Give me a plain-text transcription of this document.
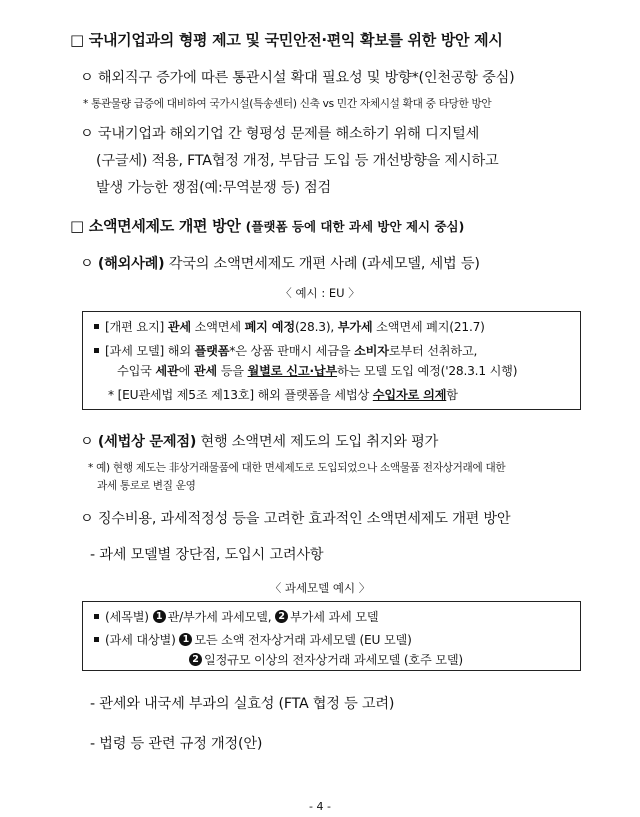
□ 국내기업과의 형평 제고 및 국민안전·편익 확보를 위한 방안 제시
ㅇ 해외직구 증가에 따른 통관시설 확대 필요성 및 방향*(인천공항 중심)
* 통관물량 급증에 대비하여 국가시설(특송센터) 신축 vs 민간 자체시설 확대 중 타당한 방안
ㅇ 국내기업과 해외기업 간 형평성 문제를 해소하기 위해 디지털세
(구글세) 적용, FTA협정 개정, 부담금 도입 등 개선방향을 제시하고
발생 가능한 쟁점(예:무역분쟁 등) 점검
□ 소액면세제도 개편 방안 (플랫폼 등에 대한 과세 방안 제시 중심)
ㅇ (해외사례) 각국의 소액면세제도 개편 사례 (과세모델, 세법 등)
〈 예시 : EU 〉
[개편 요지] 관세 소액면세 폐지 예정(28.3), 부가세 소액면세 폐지(21.7)
[과세 모델] 해외 플랫폼*은 상품 판매시 세금을 소비자로부터 선취하고,
수입국 세관에 관세 등을 월별로 신고·납부하는 모델 도입 예정('28.3.1 시행)
* [EU관세법 제5조 제13호] 해외 플랫폼을 세법상 수입자로 의제함
ㅇ (세법상 문제점) 현행 소액면세 제도의 도입 취지와 평가
* 예) 현행 제도는 非상거래물품에 대한 면세제도로 도입되었으나 소액물품 전자상거래에 대한
과세 통로로 변질 운영
ㅇ 징수비용, 과세적정성 등을 고려한 효과적인 소액면세제도 개편 방안
- 과세 모델별 장단점, 도입시 고려사항
〈 과세모델 예시 〉
(세목별) 1 관/부가세 과세모델, 2 부가세 과세 모델
(과세 대상별) 1 모든 소액 전자상거래 과세모델 (EU 모델)
2 일정규모 이상의 전자상거래 과세모델 (호주 모델)
- 관세와 내국세 부과의 실효성 (FTA 협정 등 고려)
- 법령 등 관련 규정 개정(안)
- 4 -
